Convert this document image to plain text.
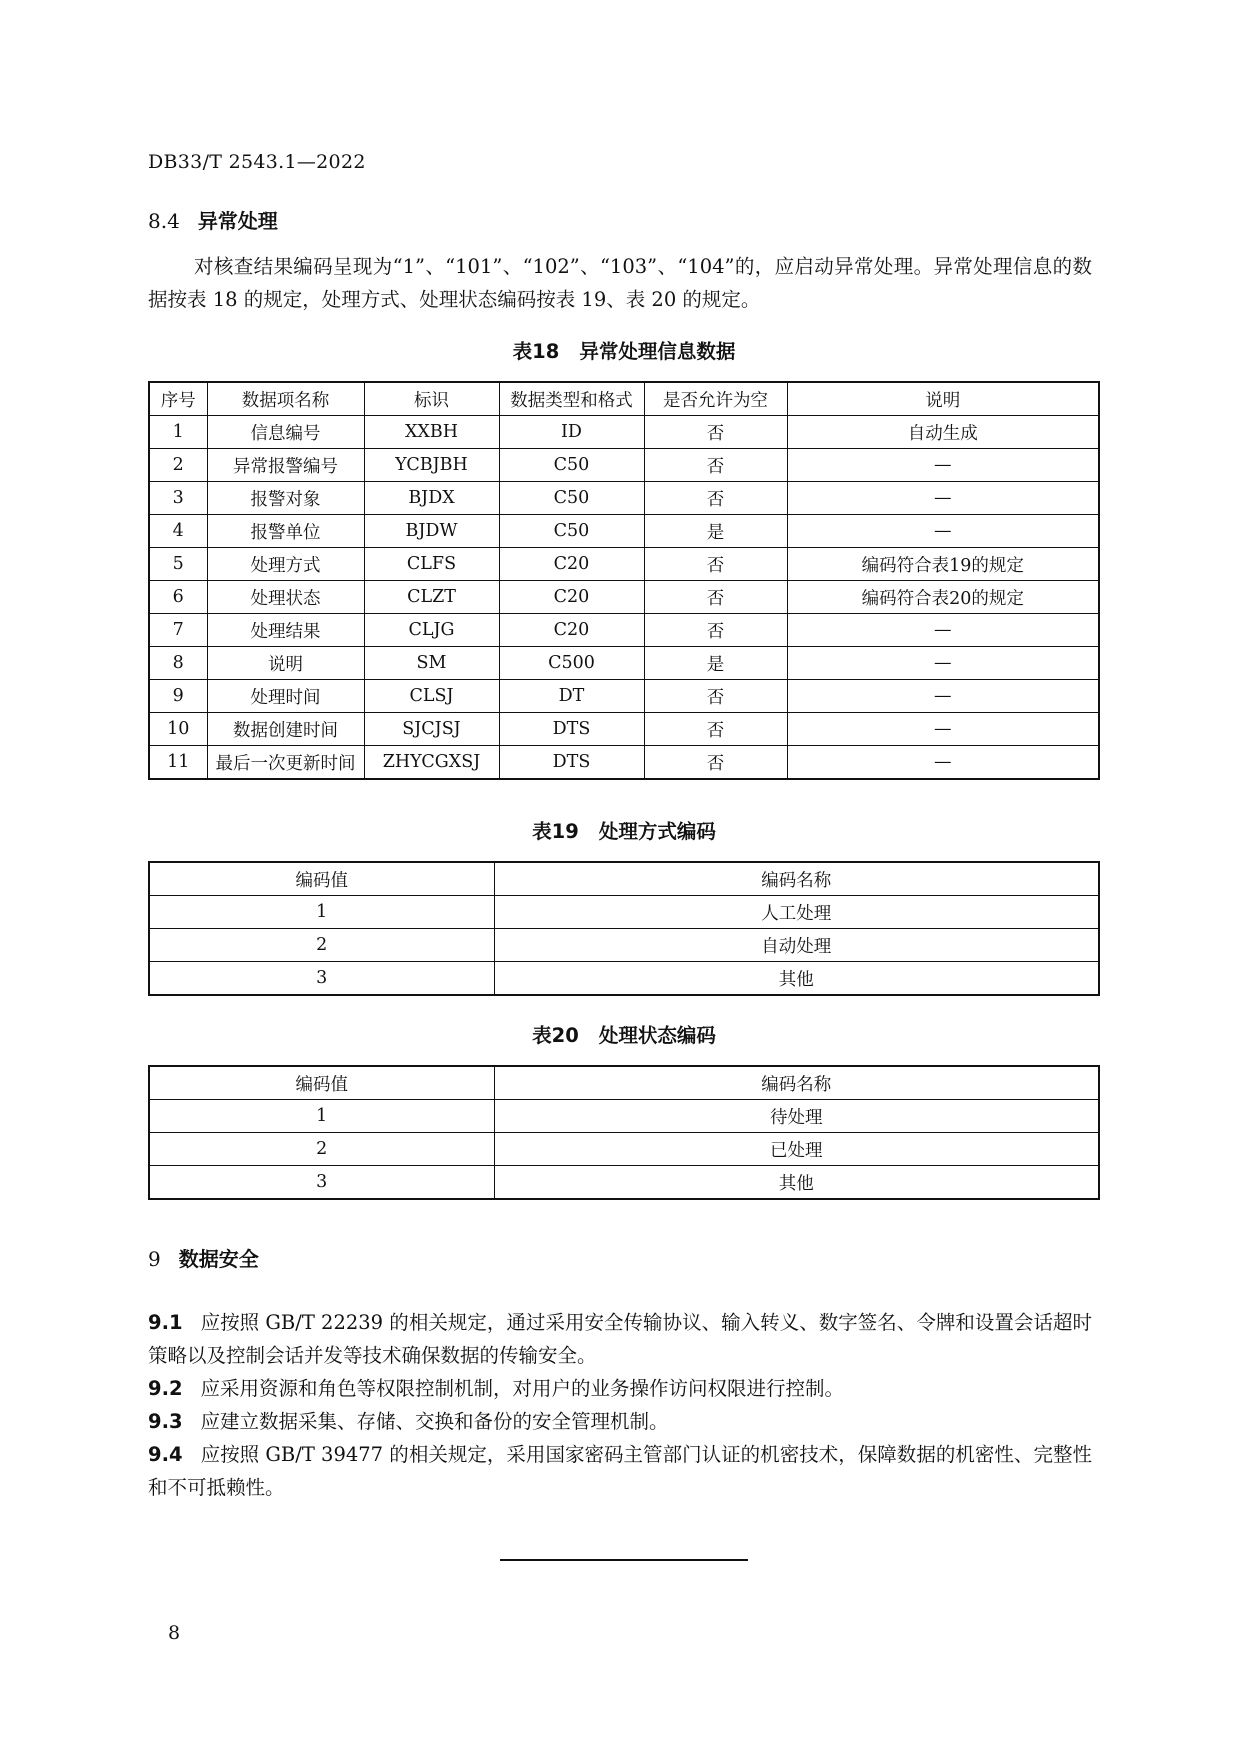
DB33/T 2543.1—2022
8.4 异常处理
对核查结果编码呈现为“1”、“101”、“102”、“103”、“104”的，应启动异常处理。异常处理信息的数据按表 18 的规定，处理方式、处理状态编码按表 19、表 20 的规定。
表18 异常处理信息数据
序号	数据项名称	标识	数据类型和格式	是否允许为空	说明
1	信息编号	XXBH	ID	否	自动生成
2	异常报警编号	YCBJBH	C50	否	—
3	报警对象	BJDX	C50	否	—
4	报警单位	BJDW	C50	是	—
5	处理方式	CLFS	C20	否	编码符合表19的规定
6	处理状态	CLZT	C20	否	编码符合表20的规定
7	处理结果	CLJG	C20	否	—
8	说明	SM	C500	是	—
9	处理时间	CLSJ	DT	否	—
10	数据创建时间	SJCJSJ	DTS	否	—
11	最后一次更新时间	ZHYCGXSJ	DTS	否	—
表19 处理方式编码
编码值	编码名称
1	人工处理
2	自动处理
3	其他
表20 处理状态编码
编码值	编码名称
1	待处理
2	已处理
3	其他
9 数据安全
9.1 应按照 GB/T 22239 的相关规定，通过采用安全传输协议、输入转义、数字签名、令牌和设置会话超时策略以及控制会话并发等技术确保数据的传输安全。
9.2 应采用资源和角色等权限控制机制，对用户的业务操作访问权限进行控制。
9.3 应建立数据采集、存储、交换和备份的安全管理机制。
9.4 应按照 GB/T 39477 的相关规定，采用国家密码主管部门认证的机密技术，保障数据的机密性、完整性和不可抵赖性。
8
